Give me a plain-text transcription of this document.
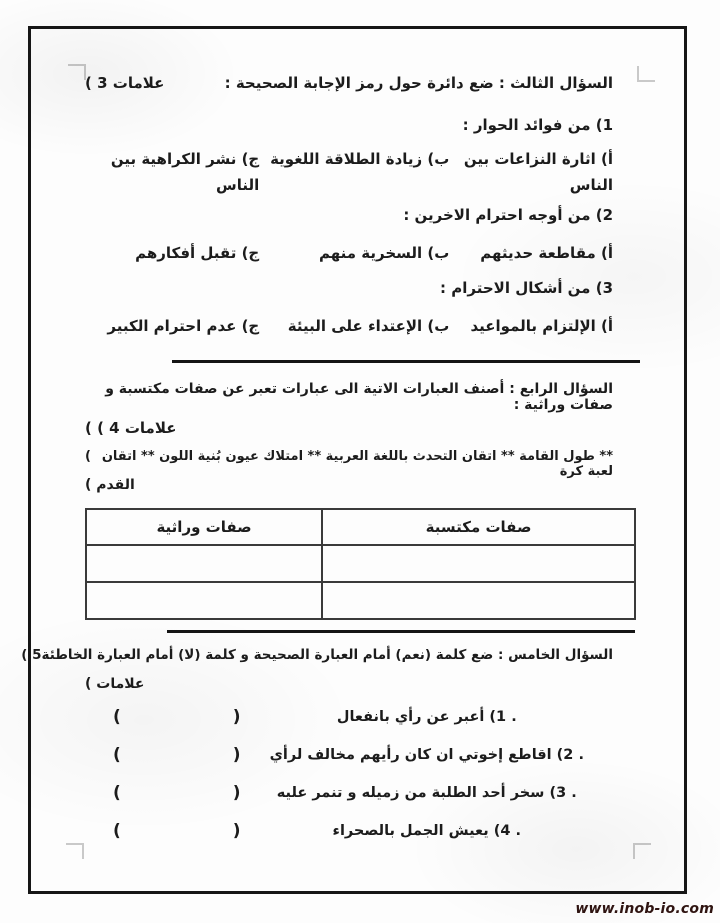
السؤال الثالث : ضع دائرة حول رمز الإجابة الصحيحة :
( 3 علامات
1) من فوائد الحوار :
أ) اثارة النزاعات بين الناس
ب) زيادة الطلاقة اللغوية
ج) نشر الكراهية بين الناس
2) من أوجه احترام الاخرين :
أ) مقاطعة حديثهم
ب) السخرية منهم
ج) تقبل أفكارهم
3) من أشكال الاحترام :
أ) الإلتزام بالمواعيد
ب) الإعتداء على البيئة
ج) عدم احترام الكبير
السؤال الرابع : أصنف العبارات الاتية الى عبارات تعبر عن صفات مكتسبة و صفات وراثية :
( ( 4 علامات
** طول القامة ** اتقان التحدث باللغة العربية ** امتلاك عيون بُنية اللون ** اتقان لعبة كرة
(
( القدم
صفات مكتسبة	صفات وراثية

السؤال الخامس : ضع كلمة (نعم) أمام العبارة الصحيحة و كلمة (لا) أمام العبارة الخاطئة
( 5
( علامات
(	)	. 1) أعبر عن رأي بانفعال
(	)	. 2) اقاطع إخوتي ان كان رأيهم مخالف لرأي
(	)	. 3) سخر أحد الطلبة من زميله و تنمر عليه
(	)	. 4) يعيش الجمل بالصحراء
www.inob-io.com
